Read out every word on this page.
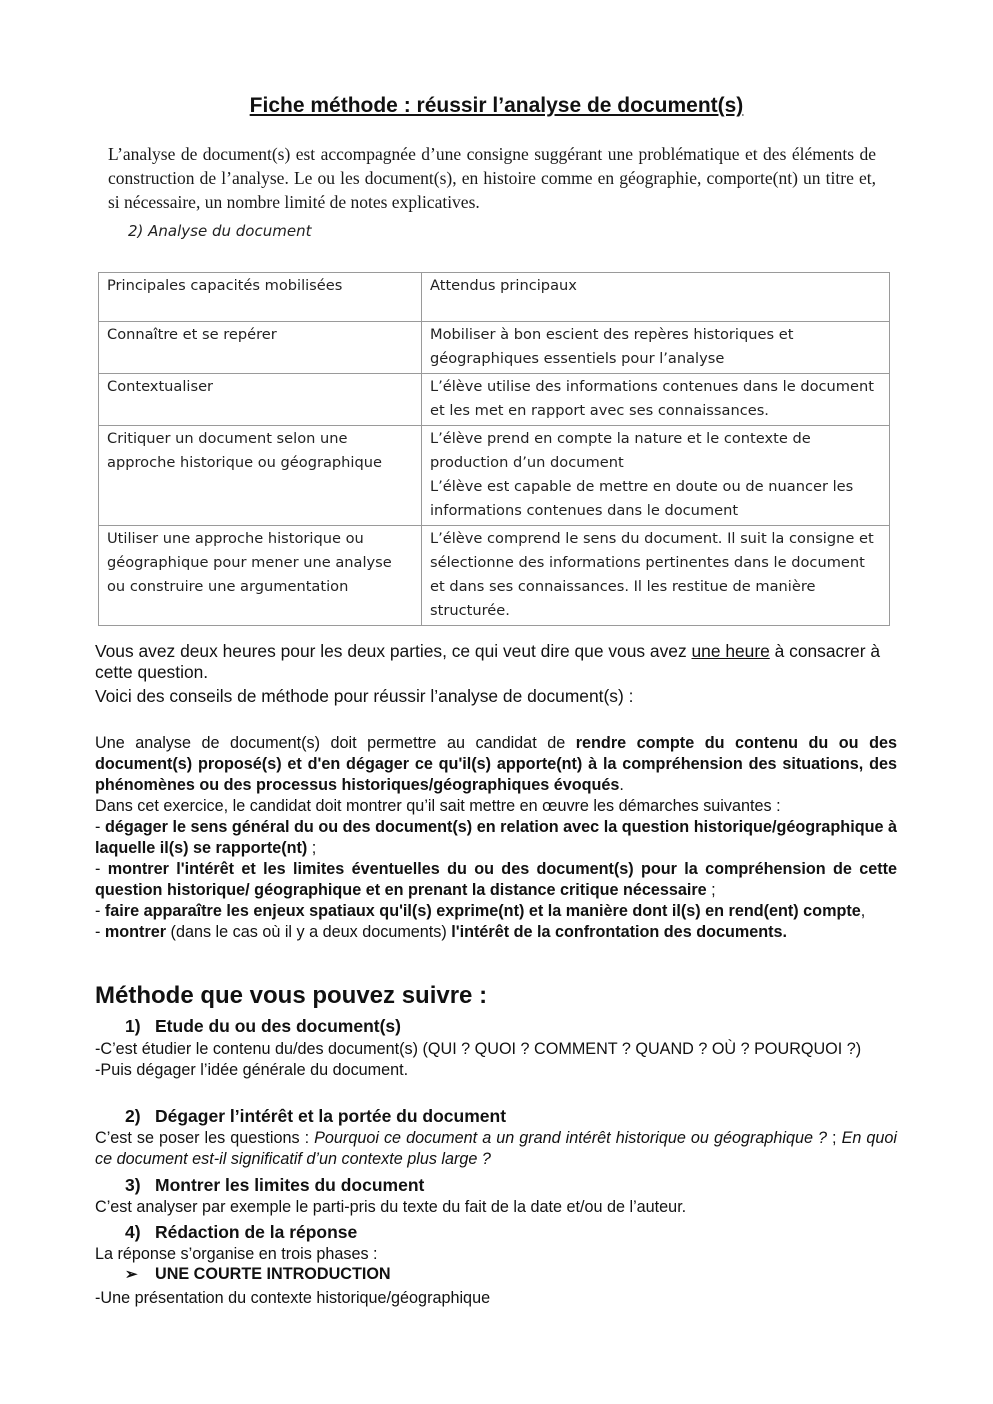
Fiche méthode : réussir l’analyse de document(s)
L’analyse de document(s) est accompagnée d’une consigne suggérant une problématique et des éléments de construction de l’analyse. Le ou les document(s), en histoire comme en géographie, comporte(nt) un titre et, si nécessaire, un nombre limité de notes explicatives.
2) Analyse du document
Principales capacités mobilisées	Attendus principaux
Connaître et se repérer	Mobiliser à bon escient des repères historiques et géographiques essentiels pour l’analyse
Contextualiser	L’élève utilise des informations contenues dans le document et les met en rapport avec ses connaissances.
Critiquer un document selon une approche historique ou géographique	L’élève prend en compte la nature et le contexte de production d’un document
L’élève est capable de mettre en doute ou de nuancer les informations contenues dans le document
Utiliser une approche historique ou géographique pour mener une analyse ou construire une argumentation	L’élève comprend le sens du document. Il suit la consigne et sélectionne des informations pertinentes dans le document et dans ses connaissances. Il les restitue de manière structurée.
Vous avez deux heures pour les deux parties, ce qui veut dire que vous avez une heure à consacrer à cette question.
Voici des conseils de méthode pour réussir l’analyse de document(s) :
Une analyse de document(s) doit permettre au candidat de rendre compte du contenu du ou des document(s) proposé(s) et d'en dégager ce qu'il(s) apporte(nt) à la compréhension des situations, des phénomènes ou des processus historiques/géographiques évoqués.
Dans cet exercice, le candidat doit montrer qu’il sait mettre en œuvre les démarches suivantes :
- dégager le sens général du ou des document(s) en relation avec la question historique/géographique à laquelle il(s) se rapporte(nt) ;
- montrer l'intérêt et les limites éventuelles du ou des document(s) pour la compréhension de cette question historique/ géographique et en prenant la distance critique nécessaire ;
- faire apparaître les enjeux spatiaux qu'il(s) exprime(nt) et la manière dont il(s) en rend(ent) compte,
- montrer (dans le cas où il y a deux documents) l'intérêt de la confrontation des documents.
Méthode que vous pouvez suivre :
1) Etude du ou des document(s)
-C’est étudier le contenu du/des document(s) (QUI ? QUOI ? COMMENT ? QUAND ? OÙ ? POURQUOI ?)
-Puis dégager l’idée générale du document.
2) Dégager l’intérêt et la portée du document
C’est se poser les questions : Pourquoi ce document a un grand intérêt historique ou géographique ? ; En quoi ce document est-il significatif d’un contexte plus large ?
3) Montrer les limites du document
C’est analyser par exemple le parti-pris du texte du fait de la date et/ou de l’auteur.
4) Rédaction de la réponse
La réponse s’organise en trois phases :
➢ UNE COURTE INTRODUCTION
-Une présentation du contexte historique/géographique
